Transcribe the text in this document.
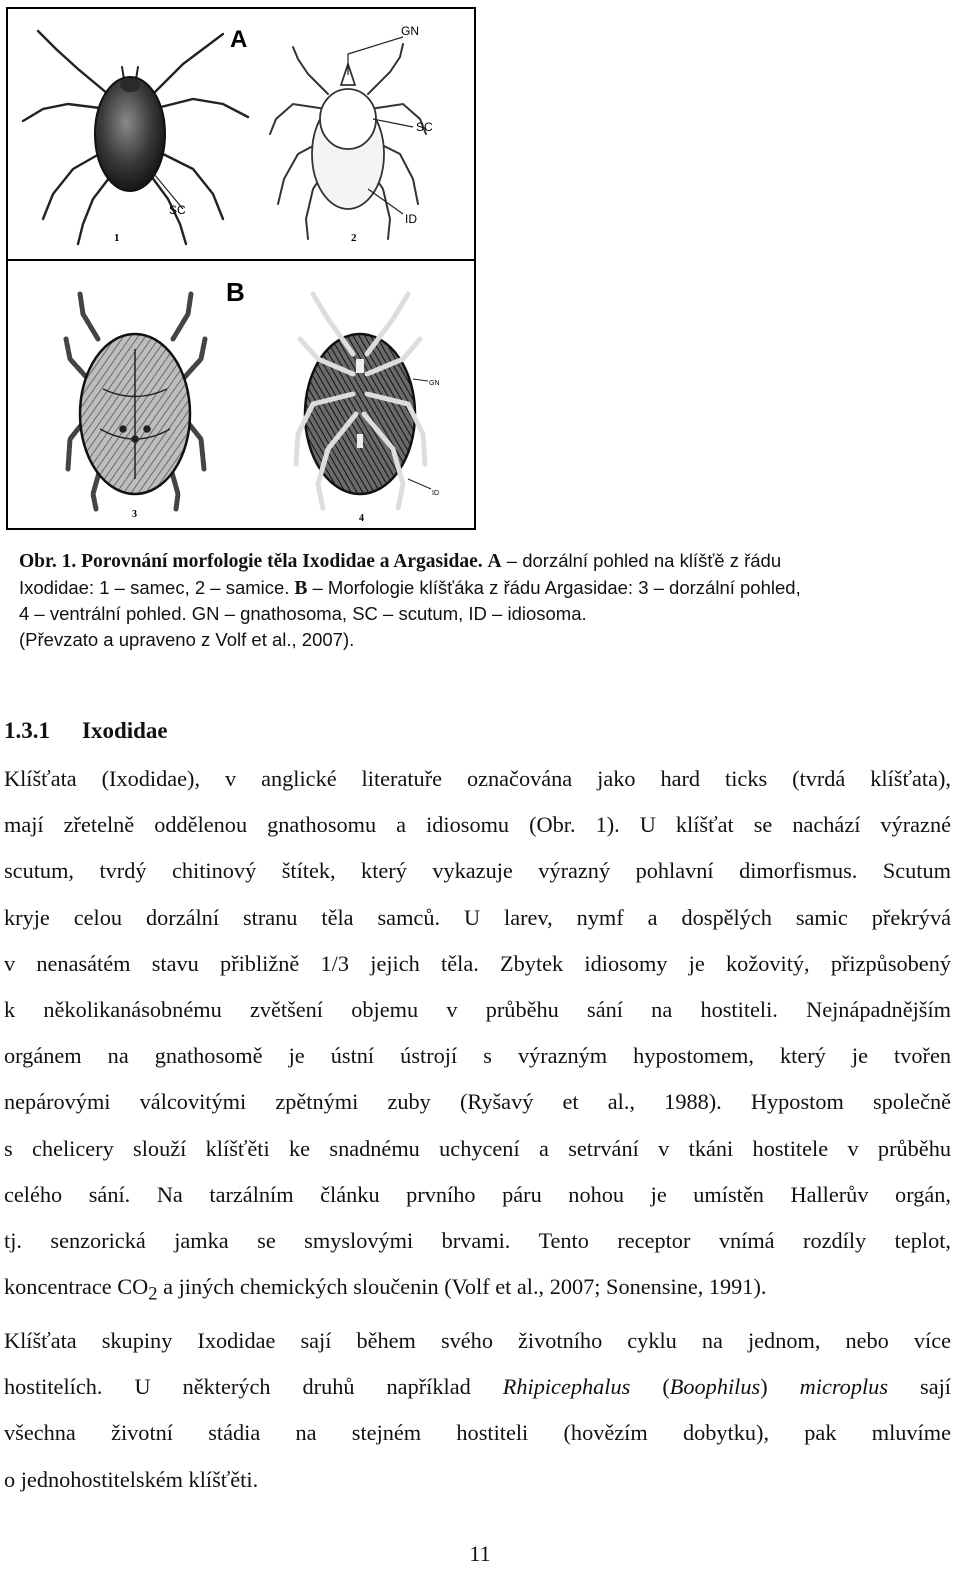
A	GN
SC
SC
ID
1	2
B
GN
ID
3	4
Obr. 1. Porovnání morfologie těla Ixodidae a Argasidae. A – dorzální pohled na klíšťě z řádu
Ixodidae: 1 – samec, 2 – samice. B – Morfologie klíšťáka z řádu Argasidae: 3 – dorzální pohled,
4 – ventrální pohled. GN – gnathosoma, SC – scutum, ID – idiosoma.
(Převzato a upraveno z Volf et al., 2007).
1.3.1 Ixodidae

Klíšťata (Ixodidae), v anglické literatuře označována jako hard ticks (tvrdá klíšťata),
mají zřetelně oddělenou gnathosomu a idiosomu (Obr. 1). U klíšťat se nachází výrazné
scutum, tvrdý chitinový štítek, který vykazuje výrazný pohlavní dimorfismus. Scutum
kryje celou dorzální stranu těla samců. U larev, nymf a dospělých samic překrývá
v nenasátém stavu přibližně 1/3 jejich těla. Zbytek idiosomy je kožovitý, přizpůsobený
k několikanásobnému zvětšení objemu v průběhu sání na hostiteli. Nejnápadnějším
orgánem na gnathosomě je ústní ústrojí s výrazným hypostomem, který je tvořen
nepárovými válcovitými zpětnými zuby (Ryšavý et al., 1988). Hypostom společně
s chelicery slouží klíšťěti ke snadnému uchycení a setrvání v tkáni hostitele v průběhu
celého sání. Na tarzálním článku prvního páru nohou je umístěn Hallerův orgán,
tj. senzorická jamka se smyslovými brvami. Tento receptor vnímá rozdíly teplot,
koncentrace $CO_2$ a jiných chemických sloučenin (Volf et al., 2007; Sonensine, 1991).
Klíšťata skupiny Ixodidae sají během svého životního cyklu na jednom, nebo více
hostitelích. U některých druhů například Rhipicephalus (Boophilus) microplus sají
všechna životní stádia na stejném hostiteli (hovězím dobytku), pak mluvíme
o jednohostitelském klíšťěti.

11
